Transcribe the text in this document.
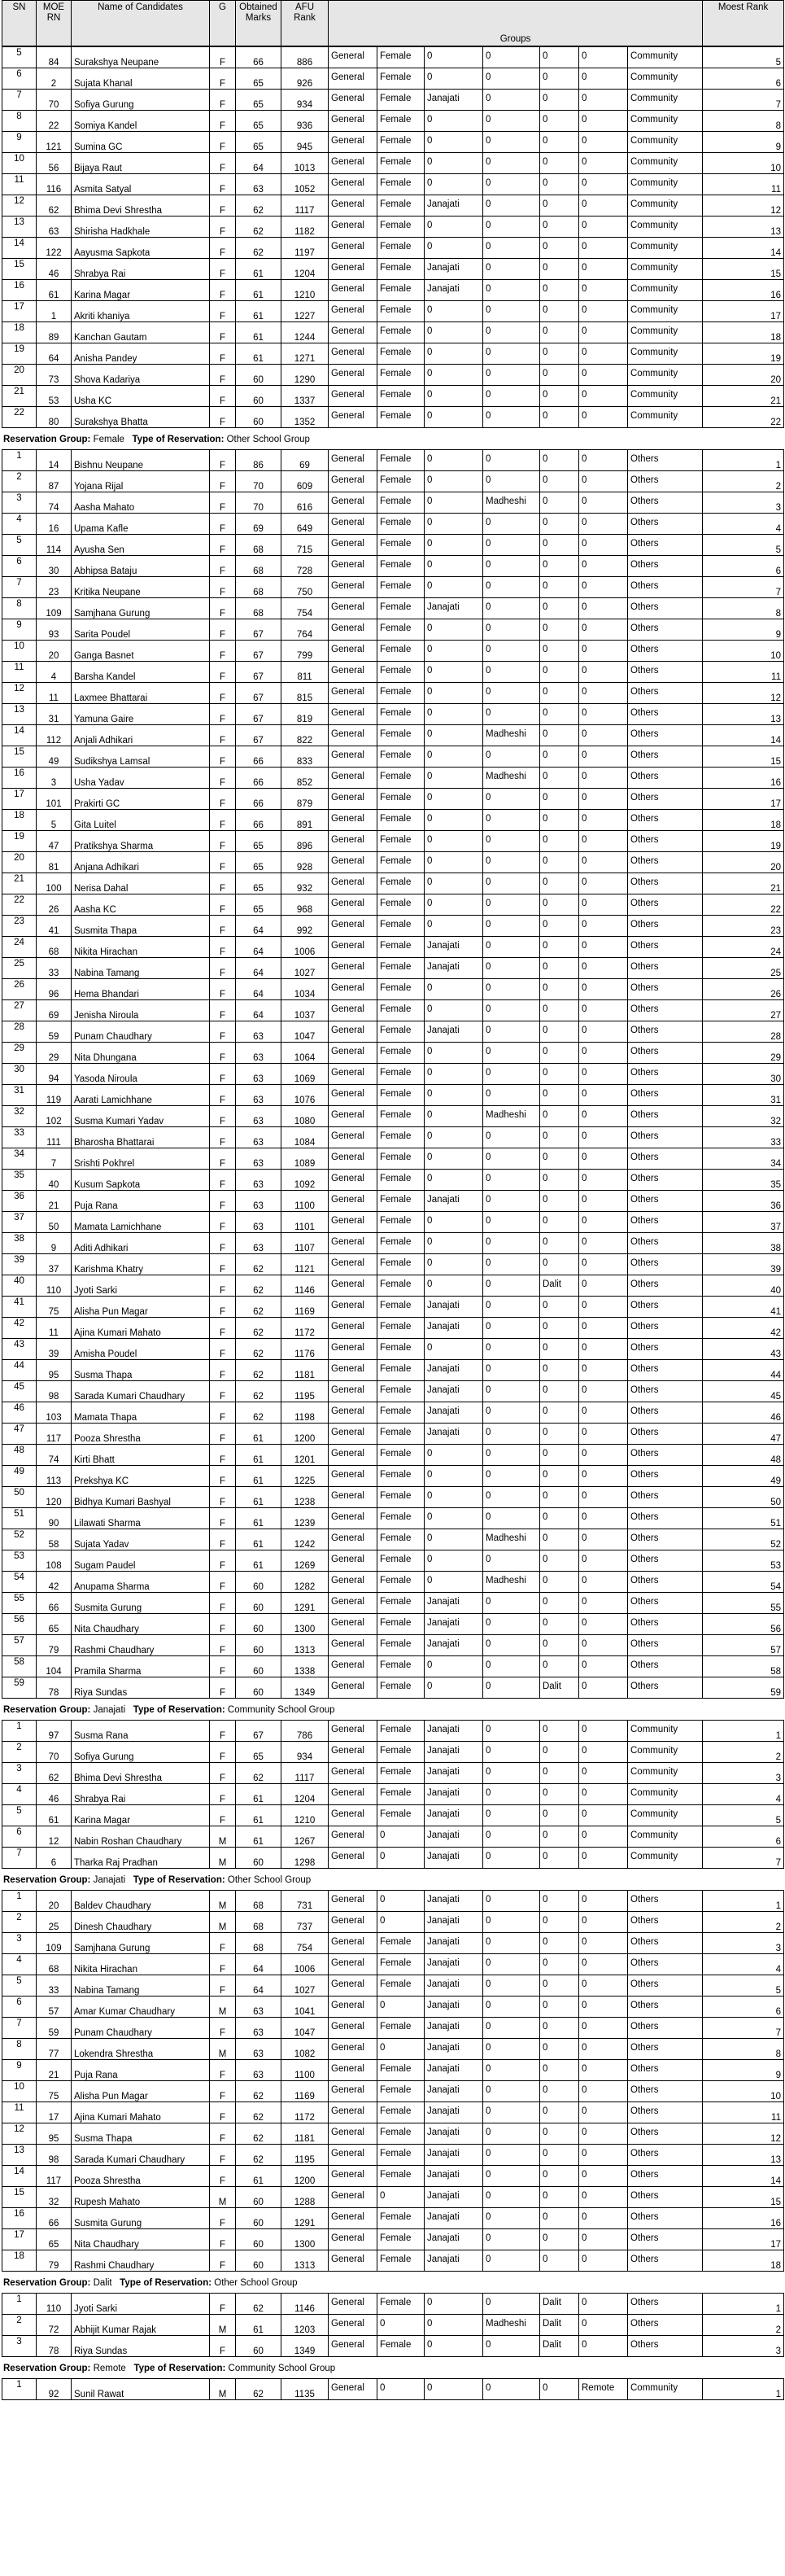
SN	MOE RN	Name of Candidates	G	Obtained Marks	AFU Rank	Groups	Moest Rank
5	84	Surakshya Neupane	F	66	886	General	Female	0	0	0	0	Community	5
6	2	Sujata Khanal	F	65	926	General	Female	0	0	0	0	Community	6
7	70	Sofiya Gurung	F	65	934	General	Female	Janajati	0	0	0	Community	7
8	22	Somiya Kandel	F	65	936	General	Female	0	0	0	0	Community	8
9	121	Sumina GC	F	65	945	General	Female	0	0	0	0	Community	9
10	56	Bijaya Raut	F	64	1013	General	Female	0	0	0	0	Community	10
11	116	Asmita Satyal	F	63	1052	General	Female	0	0	0	0	Community	11
12	62	Bhima Devi Shrestha	F	62	1117	General	Female	Janajati	0	0	0	Community	12
13	63	Shirisha Hadkhale	F	62	1182	General	Female	0	0	0	0	Community	13
14	122	Aayusma Sapkota	F	62	1197	General	Female	0	0	0	0	Community	14
15	46	Shrabya Rai	F	61	1204	General	Female	Janajati	0	0	0	Community	15
16	61	Karina Magar	F	61	1210	General	Female	Janajati	0	0	0	Community	16
17	1	Akriti khaniya	F	61	1227	General	Female	0	0	0	0	Community	17
18	89	Kanchan Gautam	F	61	1244	General	Female	0	0	0	0	Community	18
19	64	Anisha Pandey	F	61	1271	General	Female	0	0	0	0	Community	19
20	73	Shova Kadariya	F	60	1290	General	Female	0	0	0	0	Community	20
21	53	Usha KC	F	60	1337	General	Female	0	0	0	0	Community	21
22	80	Surakshya Bhatta	F	60	1352	General	Female	0	0	0	0	Community	22
Reservation Group: Female Type of Reservation: Other School Group
1	14	Bishnu Neupane	F	86	69	General	Female	0	0	0	0	Others	1
2	87	Yojana Rijal	F	70	609	General	Female	0	0	0	0	Others	2
3	74	Aasha Mahato	F	70	616	General	Female	0	Madheshi	0	0	Others	3
4	16	Upama Kafle	F	69	649	General	Female	0	0	0	0	Others	4
5	114	Ayusha Sen	F	68	715	General	Female	0	0	0	0	Others	5
6	30	Abhipsa Bataju	F	68	728	General	Female	0	0	0	0	Others	6
7	23	Kritika Neupane	F	68	750	General	Female	0	0	0	0	Others	7
8	109	Samjhana Gurung	F	68	754	General	Female	Janajati	0	0	0	Others	8
9	93	Sarita Poudel	F	67	764	General	Female	0	0	0	0	Others	9
10	20	Ganga Basnet	F	67	799	General	Female	0	0	0	0	Others	10
11	4	Barsha Kandel	F	67	811	General	Female	0	0	0	0	Others	11
12	11	Laxmee Bhattarai	F	67	815	General	Female	0	0	0	0	Others	12
13	31	Yamuna Gaire	F	67	819	General	Female	0	0	0	0	Others	13
14	112	Anjali Adhikari	F	67	822	General	Female	0	Madheshi	0	0	Others	14
15	49	Sudikshya Lamsal	F	66	833	General	Female	0	0	0	0	Others	15
16	3	Usha Yadav	F	66	852	General	Female	0	Madheshi	0	0	Others	16
17	101	Prakirti GC	F	66	879	General	Female	0	0	0	0	Others	17
18	5	Gita Luitel	F	66	891	General	Female	0	0	0	0	Others	18
19	47	Pratikshya Sharma	F	65	896	General	Female	0	0	0	0	Others	19
20	81	Anjana Adhikari	F	65	928	General	Female	0	0	0	0	Others	20
21	100	Nerisa Dahal	F	65	932	General	Female	0	0	0	0	Others	21
22	26	Aasha KC	F	65	968	General	Female	0	0	0	0	Others	22
23	41	Susmita Thapa	F	64	992	General	Female	0	0	0	0	Others	23
24	68	Nikita Hirachan	F	64	1006	General	Female	Janajati	0	0	0	Others	24
25	33	Nabina Tamang	F	64	1027	General	Female	Janajati	0	0	0	Others	25
26	96	Hema Bhandari	F	64	1034	General	Female	0	0	0	0	Others	26
27	69	Jenisha Niroula	F	64	1037	General	Female	0	0	0	0	Others	27
28	59	Punam Chaudhary	F	63	1047	General	Female	Janajati	0	0	0	Others	28
29	29	Nita Dhungana	F	63	1064	General	Female	0	0	0	0	Others	29
30	94	Yasoda Niroula	F	63	1069	General	Female	0	0	0	0	Others	30
31	119	Aarati Lamichhane	F	63	1076	General	Female	0	0	0	0	Others	31
32	102	Susma Kumari Yadav	F	63	1080	General	Female	0	Madheshi	0	0	Others	32
33	111	Bharosha Bhattarai	F	63	1084	General	Female	0	0	0	0	Others	33
34	7	Srishti Pokhrel	F	63	1089	General	Female	0	0	0	0	Others	34
35	40	Kusum Sapkota	F	63	1092	General	Female	0	0	0	0	Others	35
36	21	Puja Rana	F	63	1100	General	Female	Janajati	0	0	0	Others	36
37	50	Mamata Lamichhane	F	63	1101	General	Female	0	0	0	0	Others	37
38	9	Aditi Adhikari	F	63	1107	General	Female	0	0	0	0	Others	38
39	37	Karishma Khatry	F	62	1121	General	Female	0	0	0	0	Others	39
40	110	Jyoti Sarki	F	62	1146	General	Female	0	0	Dalit	0	Others	40
41	75	Alisha Pun Magar	F	62	1169	General	Female	Janajati	0	0	0	Others	41
42	11	Ajina Kumari Mahato	F	62	1172	General	Female	Janajati	0	0	0	Others	42
43	39	Amisha Poudel	F	62	1176	General	Female	0	0	0	0	Others	43
44	95	Susma Thapa	F	62	1181	General	Female	Janajati	0	0	0	Others	44
45	98	Sarada Kumari Chaudhary	F	62	1195	General	Female	Janajati	0	0	0	Others	45
46	103	Mamata Thapa	F	62	1198	General	Female	Janajati	0	0	0	Others	46
47	117	Pooza Shrestha	F	61	1200	General	Female	Janajati	0	0	0	Others	47
48	74	Kirti Bhatt	F	61	1201	General	Female	0	0	0	0	Others	48
49	113	Prekshya KC	F	61	1225	General	Female	0	0	0	0	Others	49
50	120	Bidhya Kumari Bashyal	F	61	1238	General	Female	0	0	0	0	Others	50
51	90	Lilawati Sharma	F	61	1239	General	Female	0	0	0	0	Others	51
52	58	Sujata Yadav	F	61	1242	General	Female	0	Madheshi	0	0	Others	52
53	108	Sugam Paudel	F	61	1269	General	Female	0	0	0	0	Others	53
54	42	Anupama Sharma	F	60	1282	General	Female	0	Madheshi	0	0	Others	54
55	66	Susmita Gurung	F	60	1291	General	Female	Janajati	0	0	0	Others	55
56	65	Nita Chaudhary	F	60	1300	General	Female	Janajati	0	0	0	Others	56
57	79	Rashmi Chaudhary	F	60	1313	General	Female	Janajati	0	0	0	Others	57
58	104	Pramila Sharma	F	60	1338	General	Female	0	0	0	0	Others	58
59	78	Riya Sundas	F	60	1349	General	Female	0	0	Dalit	0	Others	59
Reservation Group: Janajati Type of Reservation: Community School Group
1	97	Susma Rana	F	67	786	General	Female	Janajati	0	0	0	Community	1
2	70	Sofiya Gurung	F	65	934	General	Female	Janajati	0	0	0	Community	2
3	62	Bhima Devi Shrestha	F	62	1117	General	Female	Janajati	0	0	0	Community	3
4	46	Shrabya Rai	F	61	1204	General	Female	Janajati	0	0	0	Community	4
5	61	Karina Magar	F	61	1210	General	Female	Janajati	0	0	0	Community	5
6	12	Nabin Roshan Chaudhary	M	61	1267	General	0	Janajati	0	0	0	Community	6
7	6	Tharka Raj Pradhan	M	60	1298	General	0	Janajati	0	0	0	Community	7
Reservation Group: Janajati Type of Reservation: Other School Group
1	20	Baldev Chaudhary	M	68	731	General	0	Janajati	0	0	0	Others	1
2	25	Dinesh Chaudhary	M	68	737	General	0	Janajati	0	0	0	Others	2
3	109	Samjhana Gurung	F	68	754	General	Female	Janajati	0	0	0	Others	3
4	68	Nikita Hirachan	F	64	1006	General	Female	Janajati	0	0	0	Others	4
5	33	Nabina Tamang	F	64	1027	General	Female	Janajati	0	0	0	Others	5
6	57	Amar Kumar Chaudhary	M	63	1041	General	0	Janajati	0	0	0	Others	6
7	59	Punam Chaudhary	F	63	1047	General	Female	Janajati	0	0	0	Others	7
8	77	Lokendra Shrestha	M	63	1082	General	0	Janajati	0	0	0	Others	8
9	21	Puja Rana	F	63	1100	General	Female	Janajati	0	0	0	Others	9
10	75	Alisha Pun Magar	F	62	1169	General	Female	Janajati	0	0	0	Others	10
11	17	Ajina Kumari Mahato	F	62	1172	General	Female	Janajati	0	0	0	Others	11
12	95	Susma Thapa	F	62	1181	General	Female	Janajati	0	0	0	Others	12
13	98	Sarada Kumari Chaudhary	F	62	1195	General	Female	Janajati	0	0	0	Others	13
14	117	Pooza Shrestha	F	61	1200	General	Female	Janajati	0	0	0	Others	14
15	32	Rupesh Mahato	M	60	1288	General	0	Janajati	0	0	0	Others	15
16	66	Susmita Gurung	F	60	1291	General	Female	Janajati	0	0	0	Others	16
17	65	Nita Chaudhary	F	60	1300	General	Female	Janajati	0	0	0	Others	17
18	79	Rashmi Chaudhary	F	60	1313	General	Female	Janajati	0	0	0	Others	18
Reservation Group: Dalit Type of Reservation: Other School Group
1	110	Jyoti Sarki	F	62	1146	General	Female	0	0	Dalit	0	Others	1
2	72	Abhijit Kumar Rajak	M	61	1203	General	0	0	Madheshi	Dalit	0	Others	2
3	78	Riya Sundas	F	60	1349	General	Female	0	0	Dalit	0	Others	3
Reservation Group: Remote Type of Reservation: Community School Group
1	92	Sunil Rawat	M	62	1135	General	0	0	0	0	Remote	Community	1
